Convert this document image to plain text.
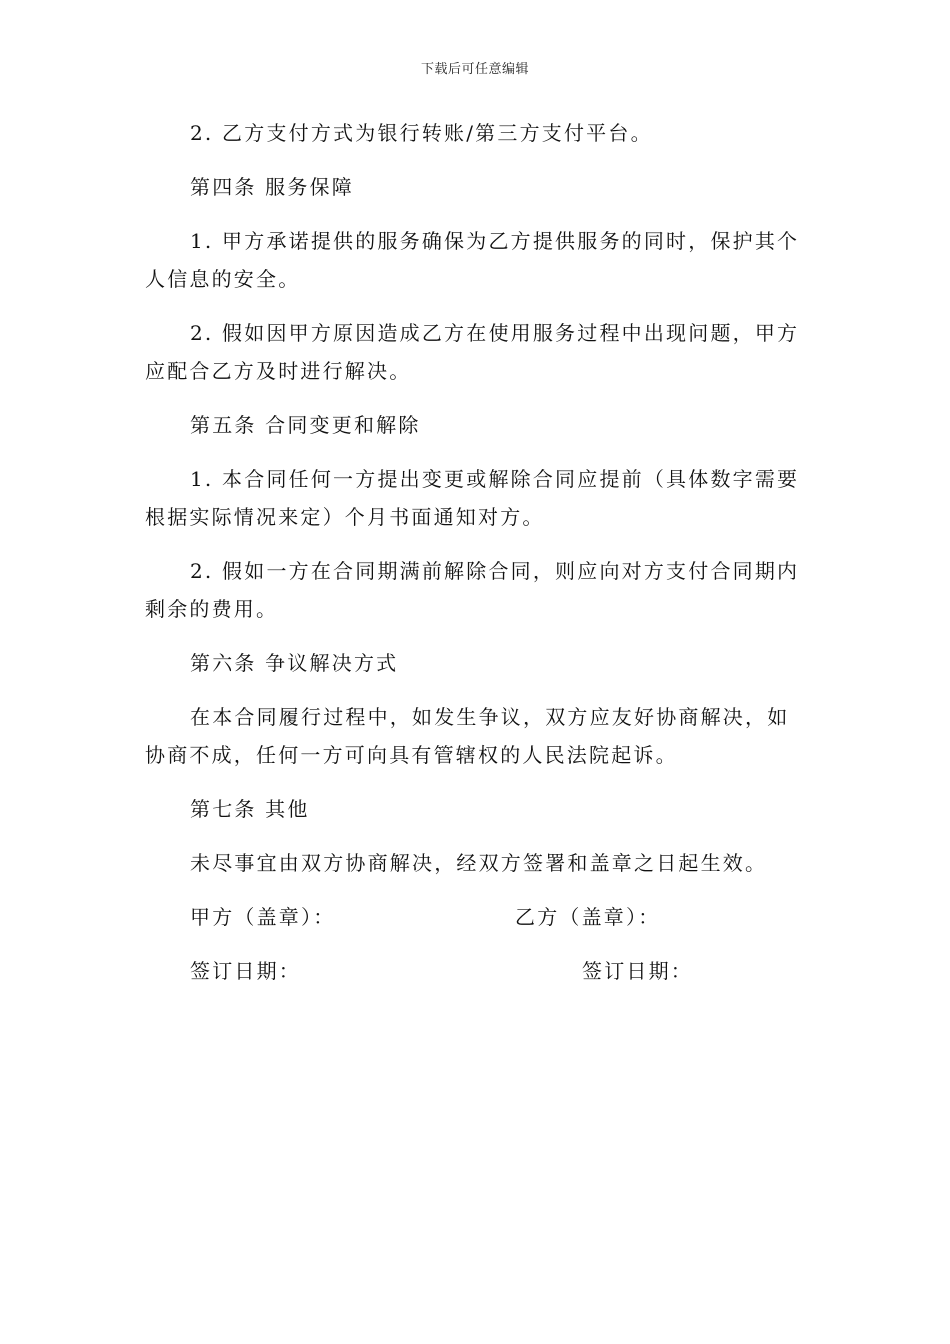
下载后可任意编辑

2. 乙方支付方式为银行转账/第三方支付平台。

第四条 服务保障

1. 甲方承诺提供的服务确保为乙方提供服务的同时，保护其个人信息的安全。

2. 假如因甲方原因造成乙方在使用服务过程中出现问题，甲方应配合乙方及时进行解决。

第五条 合同变更和解除

1. 本合同任何一方提出变更或解除合同应提前（具体数字需要根据实际情况来定）个月书面通知对方。

2. 假如一方在合同期满前解除合同，则应向对方支付合同期内剩余的费用。

第六条 争议解决方式

在本合同履行过程中，如发生争议，双方应友好协商解决，如协商不成，任何一方可向具有管辖权的人民法院起诉。

第七条 其他

未尽事宜由双方协商解决，经双方签署和盖章之日起生效。

甲方（盖章）：	乙方（盖章）：
签订日期：	签订日期：
